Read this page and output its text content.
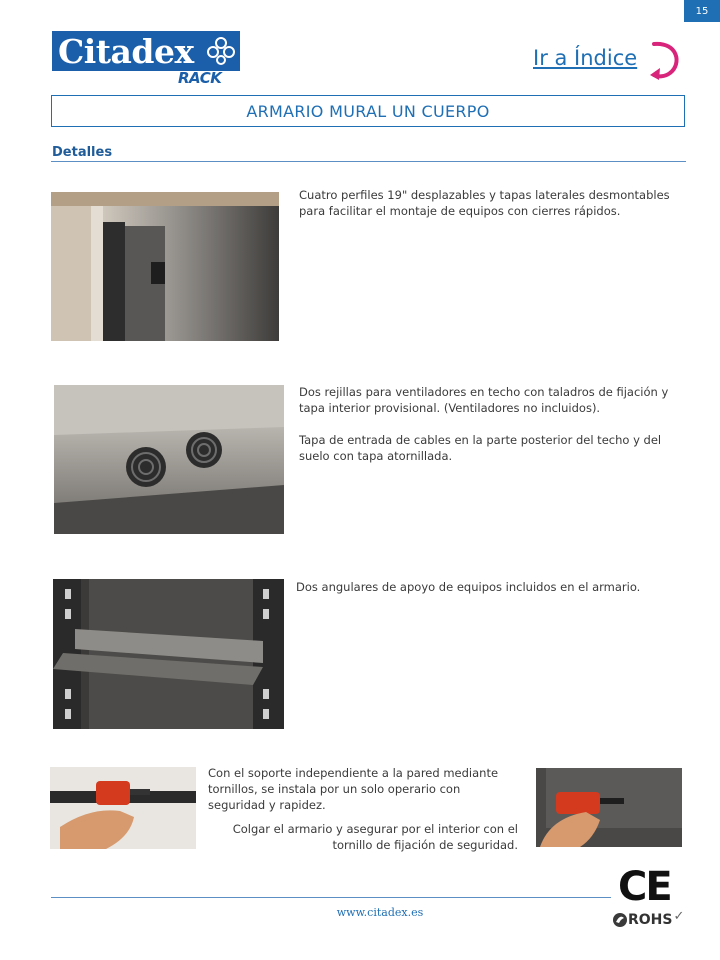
15
Citadex
RACK
Ir a Índice
ARMARIO MURAL UN CUERPO
Detalles

Cuatro perfiles 19" desplazables y tapas laterales desmontables para facilitar el montaje de equipos con cierres rápidos.

Dos rejillas para ventiladores en techo con taladros de fijación y tapa interior provisional. (Ventiladores no incluidos).

Tapa de entrada de cables en la parte posterior del techo y del suelo con tapa atornillada.

Dos angulares de apoyo de equipos incluidos en el armario.

Con el soporte independiente a la pared mediante tornillos, se instala por un solo operario con seguridad y rapidez.

Colgar el armario y asegurar por el interior con el tornillo de fijación de seguridad.

www.citadex.es
CE
ROHS ✓
